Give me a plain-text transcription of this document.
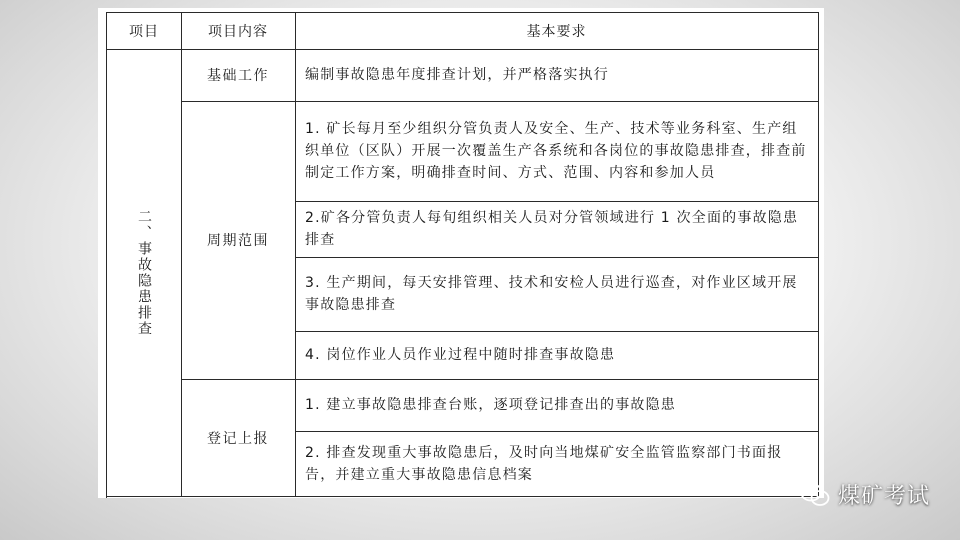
项目	项目内容	基本要求
二、事故隐患排查
基础工作
周期范围
登记上报
编制事故隐患年度排查计划，并严格落实执行
1. 矿长每月至少组织分管负责人及安全、生产、技术等业务科室、生产组织单位（区队）开展一次覆盖生产各系统和各岗位的事故隐患排查，排查前制定工作方案，明确排查时间、方式、范围、内容和参加人员
2.矿各分管负责人每旬组织相关人员对分管领域进行 1 次全面的事故隐患排查
3. 生产期间，每天安排管理、技术和安检人员进行巡查，对作业区域开展事故隐患排查
4. 岗位作业人员作业过程中随时排查事故隐患
1. 建立事故隐患排查台账，逐项登记排查出的事故隐患
2. 排查发现重大事故隐患后，及时向当地煤矿安全监管监察部门书面报告，并建立重大事故隐患信息档案
煤矿考试
